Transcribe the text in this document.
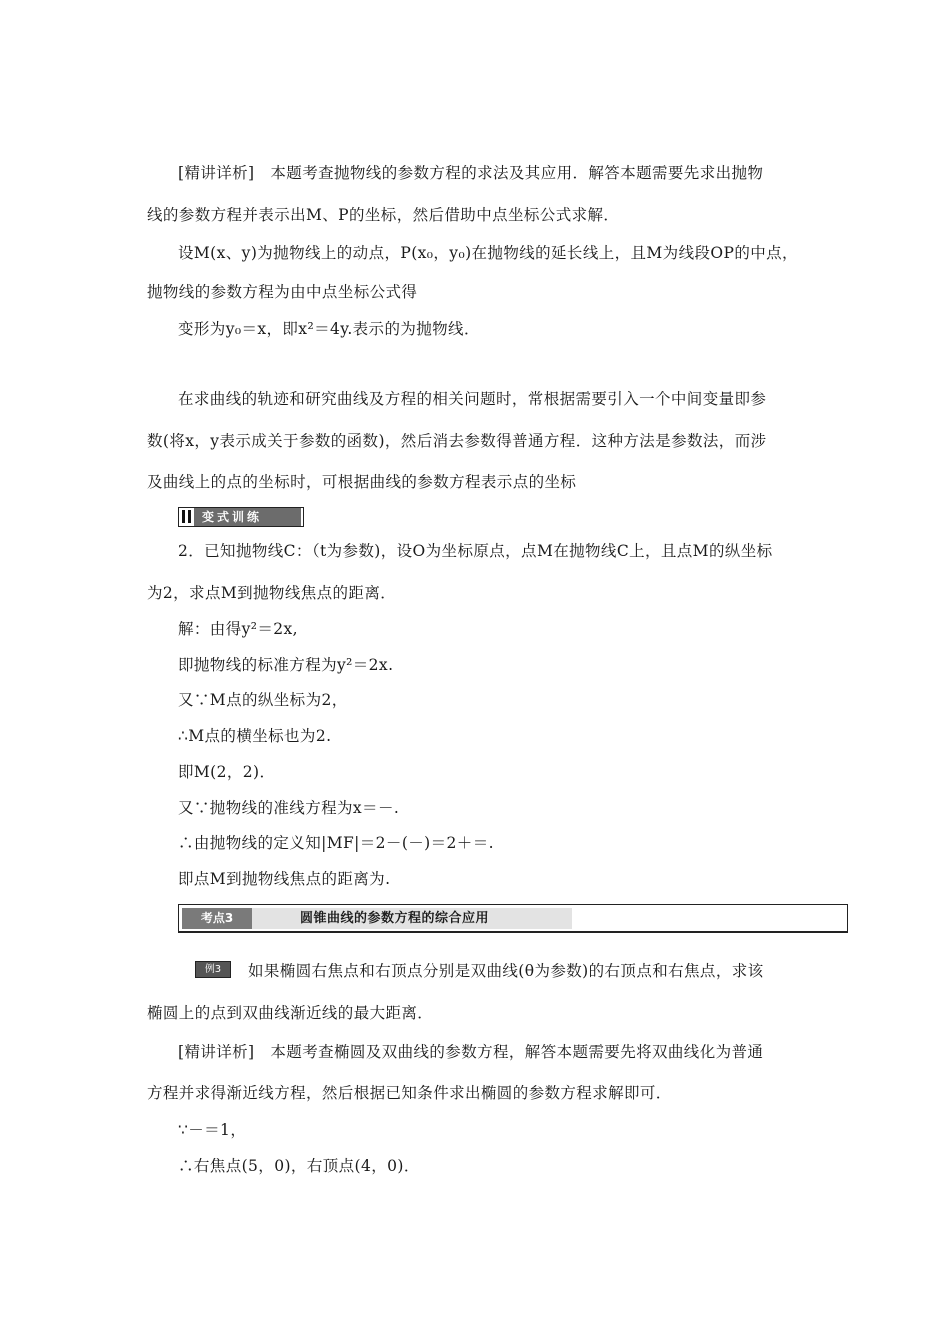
[精讲详析]　本题考查抛物线的参数方程的求法及其应用．解答本题需要先求出抛物
线的参数方程并表示出M、P的坐标，然后借助中点坐标公式求解．
设M(x、y)为抛物线上的动点，P(x₀，y₀)在抛物线的延长线上，且M为线段OP的中点，
抛物线的参数方程为由中点坐标公式得
变形为y₀＝x，即x²＝4y.表示的为抛物线．
在求曲线的轨迹和研究曲线及方程的相关问题时，常根据需要引入一个中间变量即参
数(将x，y表示成关于参数的函数)，然后消去参数得普通方程．这种方法是参数法，而涉
及曲线上的点的坐标时，可根据曲线的参数方程表示点的坐标
变式训练
2．已知抛物线C：（t为参数)，设O为坐标原点，点M在抛物线C上，且点M的纵坐标
为2，求点M到抛物线焦点的距离．
解：由得y²＝2x,
即抛物线的标准方程为y²＝2x.
又∵M点的纵坐标为2，
∴M点的横坐标也为2.
即M(2，2)．
又∵抛物线的准线方程为x＝－.
∴由抛物线的定义知|MF|＝2－(－)＝2＋＝.
即点M到抛物线焦点的距离为.
考点3	圆锥曲线的参数方程的综合应用
例3	如果椭圆右焦点和右顶点分别是双曲线(θ为参数)的右顶点和右焦点，求该
椭圆上的点到双曲线渐近线的最大距离．
[精讲详析]　本题考查椭圆及双曲线的参数方程，解答本题需要先将双曲线化为普通
方程并求得渐近线方程，然后根据已知条件求出椭圆的参数方程求解即可．
∵－＝1，
∴右焦点(5，0)，右顶点(4，0)．
